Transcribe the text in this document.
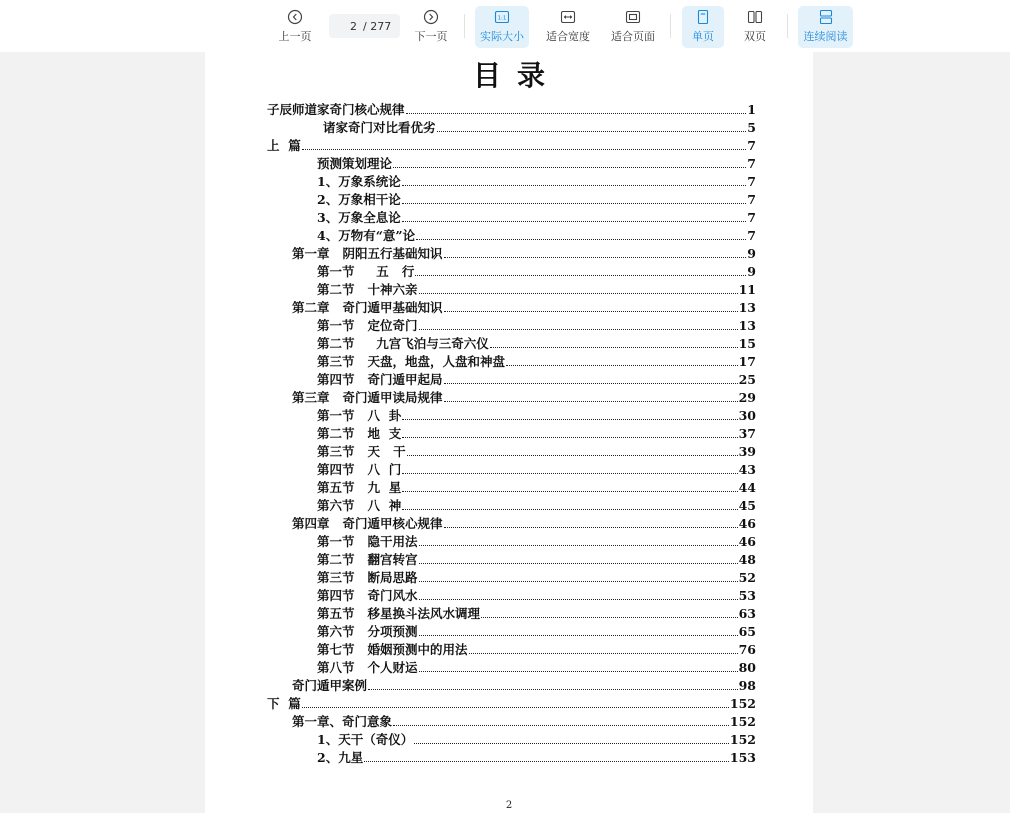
上一页
2
/ 277
下一页
1:1
实际大小 适合宽度 适合页面	单页	双页	连续阅读
目录
子辰师道家奇门核心规律	1
诸家奇门对比看优劣	5
上  篇	7
预测策划理论	7
1、万象系统论	7
2、万象相干论	7
3、万象全息论	7
4、万物有“意”论	7
第一章   阴阳五行基础知识	9
第一节     五   行	9
第二节   十神六亲	11
第二章   奇门遁甲基础知识	13
第一节   定位奇门	13
第二节     九宫飞泊与三奇六仪	15
第三节   天盘，地盘，人盘和神盘	17
第四节   奇门遁甲起局	25
第三章   奇门遁甲读局规律	29
第一节   八  卦	30
第二节   地  支	37
第三节   天   干	39
第四节   八  门	43
第五节   九  星	44
第六节   八  神	45
第四章   奇门遁甲核心规律	46
第一节   隐干用法	46
第二节   翻宫转宫	48
第三节   断局思路	52
第四节   奇门风水	53
第五节   移星换斗法风水调理	63
第六节   分项预测	65
第七节   婚姻预测中的用法	76
第八节   个人财运	80
奇门遁甲案例	98
下  篇	152
第一章、奇门意象	152
1、天干（奇仪）	152
2、九星	153
2
